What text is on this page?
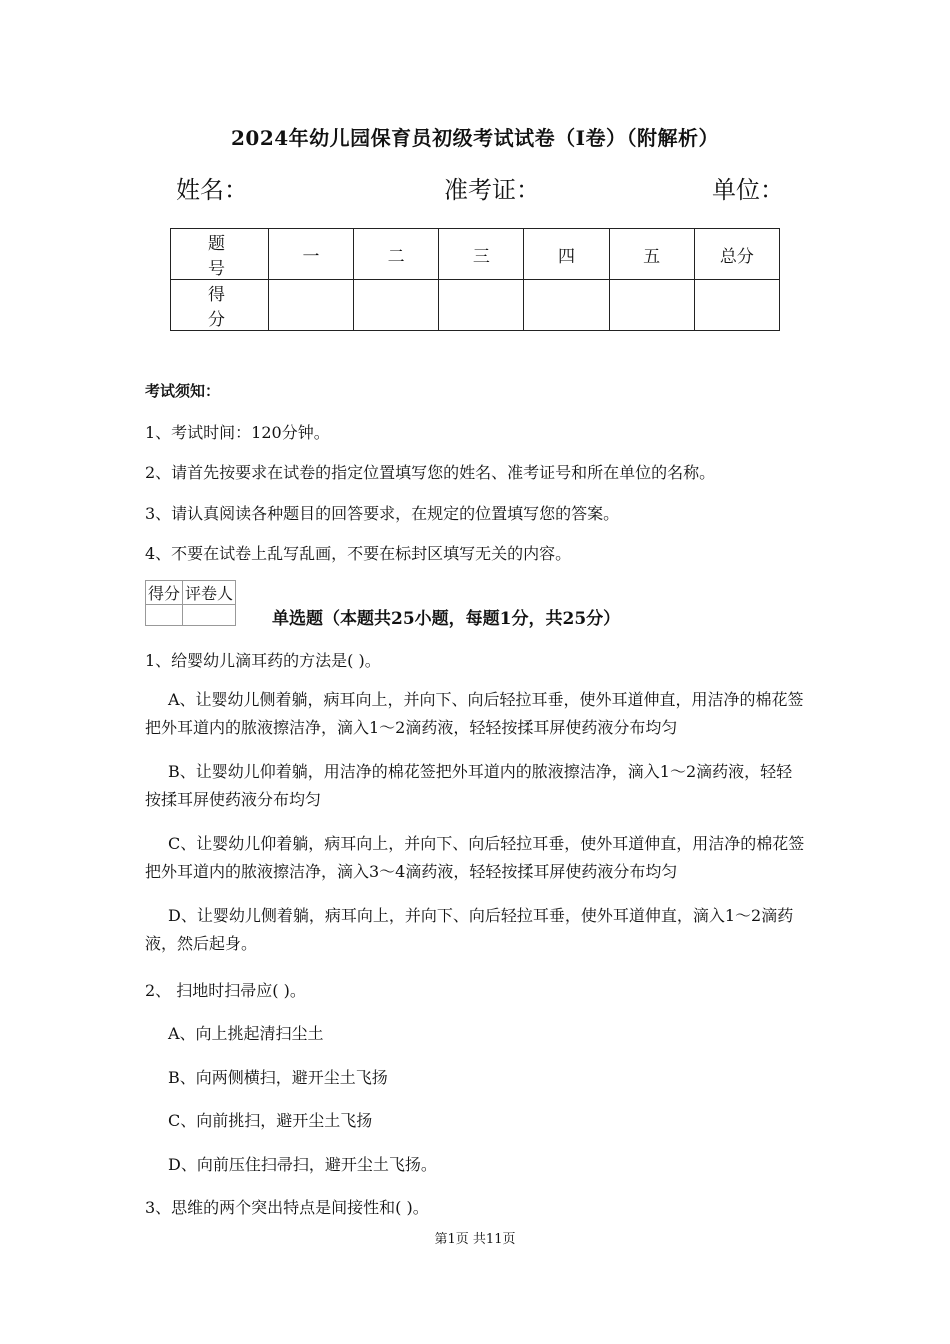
2024年幼儿园保育员初级考试试卷（I卷）（附解析）
姓名：	准考证：	单位：
题 号	一	二	三	四	五	总分
得 分						
考试须知：
1、考试时间：120分钟。
2、请首先按要求在试卷的指定位置填写您的姓名、准考证号和所在单位的名称。
3、请认真阅读各种题目的回答要求，在规定的位置填写您的答案。
4、不要在试卷上乱写乱画，不要在标封区填写无关的内容。
得分	评卷人

单选题（本题共25小题，每题1分，共25分）
1、给婴幼儿滴耳药的方法是( )。
A、让婴幼儿侧着躺，病耳向上，并向下、向后轻拉耳垂，使外耳道伸直，用洁净的棉花签把外耳道内的脓液擦洁净，滴入1～2滴药液，轻轻按揉耳屏使药液分布均匀
B、让婴幼儿仰着躺，用洁净的棉花签把外耳道内的脓液擦洁净，滴入1～2滴药液，轻轻按揉耳屏使药液分布均匀
C、让婴幼儿仰着躺，病耳向上，并向下、向后轻拉耳垂，使外耳道伸直，用洁净的棉花签把外耳道内的脓液擦洁净，滴入3～4滴药液，轻轻按揉耳屏使药液分布均匀
D、让婴幼儿侧着躺，病耳向上，并向下、向后轻拉耳垂，使外耳道伸直，滴入1～2滴药液，然后起身。
2、 扫地时扫帚应( )。
A、向上挑起清扫尘土
B、向两侧横扫，避开尘土飞扬
C、向前挑扫，避开尘土飞扬
D、向前压住扫帚扫，避开尘土飞扬。
3、思维的两个突出特点是间接性和( )。
第1页 共11页
